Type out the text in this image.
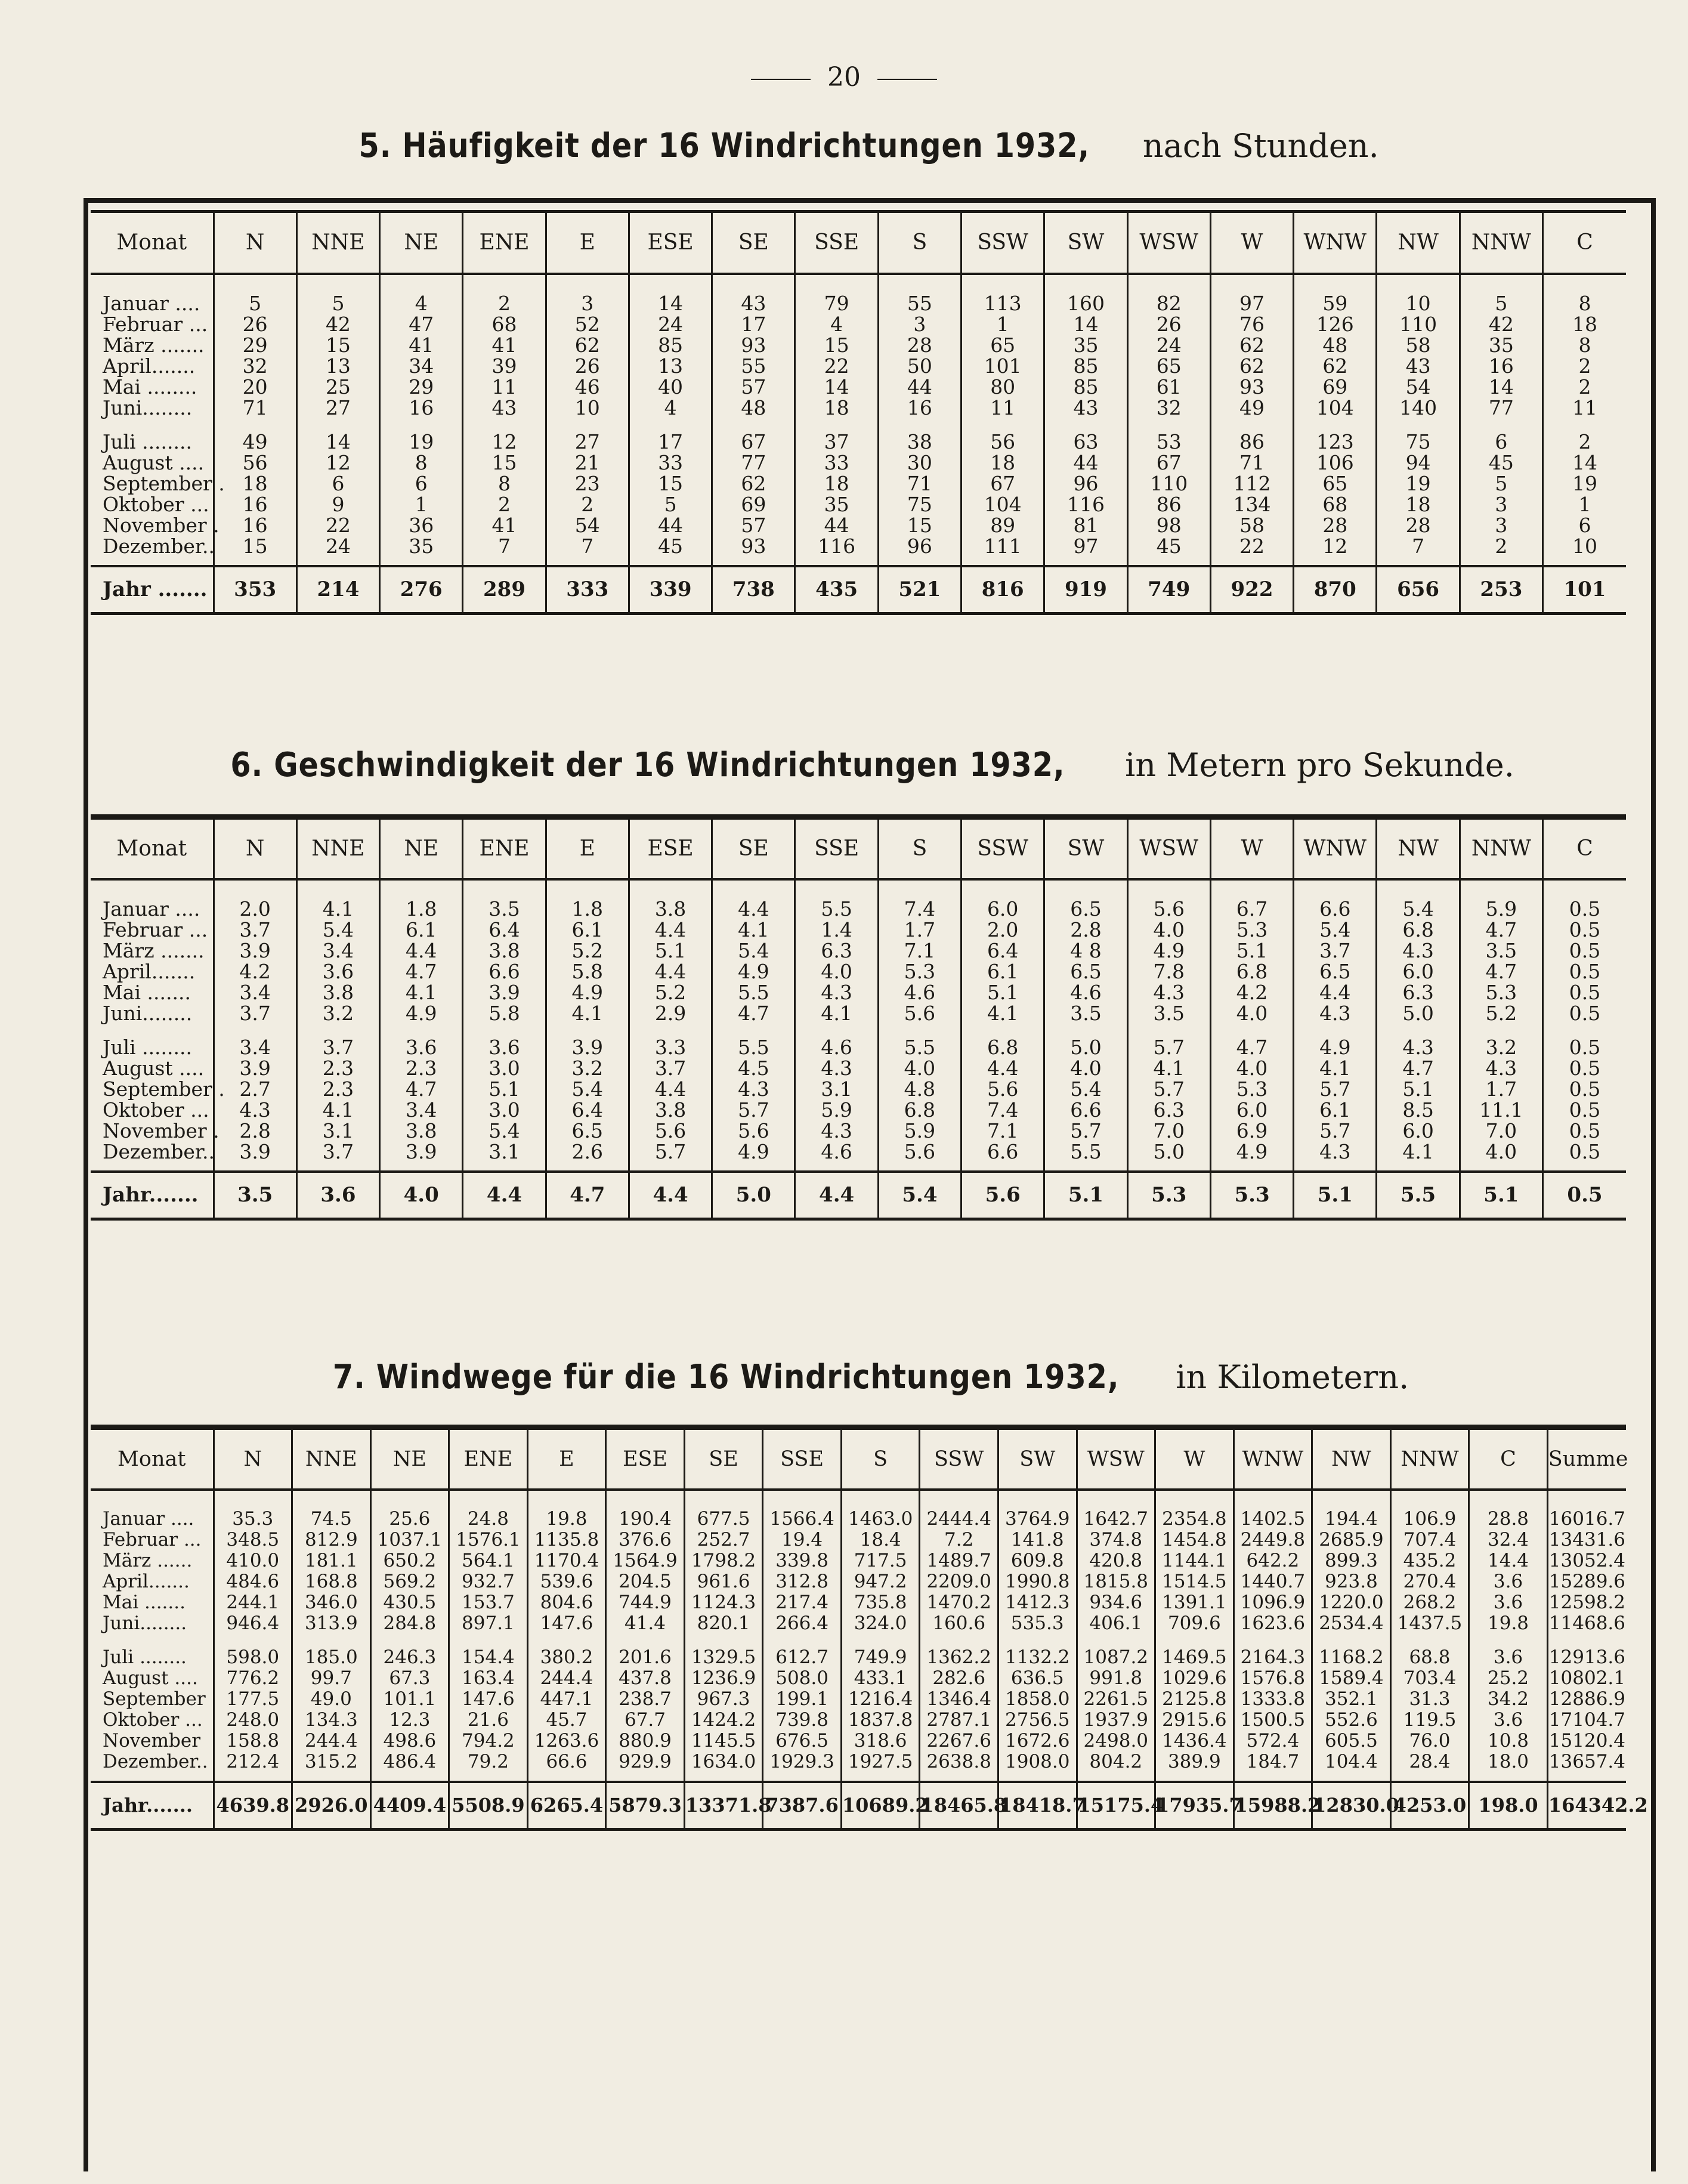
20
5. Häufigkeit der 16 Windrichtungen 1932, nach Stunden.
Monat	N	NNE	NE	ENE	E	ESE	SE	SSE	S	SSW	SW	WSW	W	WNW	NW	NNW	C

Januar ....	5	5	4	2	3	14	43	79	55	113	160	82	97	59	10	5	8
Februar ...	26	42	47	68	52	24	17	4	3	1	14	26	76	126	110	42	18
März .......	29	15	41	41	62	85	93	15	28	65	35	24	62	48	58	35	8
April.......	32	13	34	39	26	13	55	22	50	101	85	65	62	62	43	16	2
Mai ........	20	25	29	11	46	40	57	14	44	80	85	61	93	69	54	14	2
Juni........	71	27	16	43	10	4	48	18	16	11	43	32	49	104	140	77	11

Juli ........	49	14	19	12	27	17	67	37	38	56	63	53	86	123	75	6	2
August ....	56	12	8	15	21	33	77	33	30	18	44	67	71	106	94	45	14
September .	18	6	6	8	23	15	62	18	71	67	96	110	112	65	19	5	19
Oktober ...	16	9	1	2	2	5	69	35	75	104	116	86	134	68	18	3	1
November .	16	22	36	41	54	44	57	44	15	89	81	98	58	28	28	3	6
Dezember..	15	24	35	7	7	45	93	116	96	111	97	45	22	12	7	2	10

Jahr .......	353	214	276	289	333	339	738	435	521	816	919	749	922	870	656	253	101
6. Geschwindigkeit der 16 Windrichtungen 1932, in Metern pro Sekunde.
Monat	N	NNE	NE	ENE	E	ESE	SE	SSE	S	SSW	SW	WSW	W	WNW	NW	NNW	C

Januar ....	2.0	4.1	1.8	3.5	1.8	3.8	4.4	5.5	7.4	6.0	6.5	5.6	6.7	6.6	5.4	5.9	0.5
Februar ...	3.7	5.4	6.1	6.4	6.1	4.4	4.1	1.4	1.7	2.0	2.8	4.0	5.3	5.4	6.8	4.7	0.5
März .......	3.9	3.4	4.4	3.8	5.2	5.1	5.4	6.3	7.1	6.4	4 8	4.9	5.1	3.7	4.3	3.5	0.5
April.......	4.2	3.6	4.7	6.6	5.8	4.4	4.9	4.0	5.3	6.1	6.5	7.8	6.8	6.5	6.0	4.7	0.5
Mai .......	3.4	3.8	4.1	3.9	4.9	5.2	5.5	4.3	4.6	5.1	4.6	4.3	4.2	4.4	6.3	5.3	0.5
Juni........	3.7	3.2	4.9	5.8	4.1	2.9	4.7	4.1	5.6	4.1	3.5	3.5	4.0	4.3	5.0	5.2	0.5

Juli ........	3.4	3.7	3.6	3.6	3.9	3.3	5.5	4.6	5.5	6.8	5.0	5.7	4.7	4.9	4.3	3.2	0.5
August ....	3.9	2.3	2.3	3.0	3.2	3.7	4.5	4.3	4.0	4.4	4.0	4.1	4.0	4.1	4.7	4.3	0.5
September .	2.7	2.3	4.7	5.1	5.4	4.4	4.3	3.1	4.8	5.6	5.4	5.7	5.3	5.7	5.1	1.7	0.5
Oktober ...	4.3	4.1	3.4	3.0	6.4	3.8	5.7	5.9	6.8	7.4	6.6	6.3	6.0	6.1	8.5	11.1	0.5
November .	2.8	3.1	3.8	5.4	6.5	5.6	5.6	4.3	5.9	7.1	5.7	7.0	6.9	5.7	6.0	7.0	0.5
Dezember..	3.9	3.7	3.9	3.1	2.6	5.7	4.9	4.6	5.6	6.6	5.5	5.0	4.9	4.3	4.1	4.0	0.5

Jahr.......	3.5	3.6	4.0	4.4	4.7	4.4	5.0	4.4	5.4	5.6	5.1	5.3	5.3	5.1	5.5	5.1	0.5
7. Windwege für die 16 Windrichtungen 1932, in Kilometern.
Monat	N	NNE	NE	ENE	E	ESE	SE	SSE	S	SSW	SW	WSW	W	WNW	NW	NNW	C	Summe

Januar ....	35.3	74.5	25.6	24.8	19.8	190.4	677.5	1566.4	1463.0	2444.4	3764.9	1642.7	2354.8	1402.5	194.4	106.9	28.8	16016.7
Februar ...	348.5	812.9	1037.1	1576.1	1135.8	376.6	252.7	19.4	18.4	7.2	141.8	374.8	1454.8	2449.8	2685.9	707.4	32.4	13431.6
März ......	410.0	181.1	650.2	564.1	1170.4	1564.9	1798.2	339.8	717.5	1489.7	609.8	420.8	1144.1	642.2	899.3	435.2	14.4	13052.4
April.......	484.6	168.8	569.2	932.7	539.6	204.5	961.6	312.8	947.2	2209.0	1990.8	1815.8	1514.5	1440.7	923.8	270.4	3.6	15289.6
Mai .......	244.1	346.0	430.5	153.7	804.6	744.9	1124.3	217.4	735.8	1470.2	1412.3	934.6	1391.1	1096.9	1220.0	268.2	3.6	12598.2
Juni........	946.4	313.9	284.8	897.1	147.6	41.4	820.1	266.4	324.0	160.6	535.3	406.1	709.6	1623.6	2534.4	1437.5	19.8	11468.6

Juli ........	598.0	185.0	246.3	154.4	380.2	201.6	1329.5	612.7	749.9	1362.2	1132.2	1087.2	1469.5	2164.3	1168.2	68.8	3.6	12913.6
August ....	776.2	99.7	67.3	163.4	244.4	437.8	1236.9	508.0	433.1	282.6	636.5	991.8	1029.6	1576.8	1589.4	703.4	25.2	10802.1
September	177.5	49.0	101.1	147.6	447.1	238.7	967.3	199.1	1216.4	1346.4	1858.0	2261.5	2125.8	1333.8	352.1	31.3	34.2	12886.9
Oktober ...	248.0	134.3	12.3	21.6	45.7	67.7	1424.2	739.8	1837.8	2787.1	2756.5	1937.9	2915.6	1500.5	552.6	119.5	3.6	17104.7
November	158.8	244.4	498.6	794.2	1263.6	880.9	1145.5	676.5	318.6	2267.6	1672.6	2498.0	1436.4	572.4	605.5	76.0	10.8	15120.4
Dezember..	212.4	315.2	486.4	79.2	66.6	929.9	1634.0	1929.3	1927.5	2638.8	1908.0	804.2	389.9	184.7	104.4	28.4	18.0	13657.4

Jahr.......	4639.8	2926.0	4409.4	5508.9	6265.4	5879.3	13371.8	7387.6	10689.2	18465.8	18418.7	15175.4	17935.7	15988.2	12830.0	4253.0	198.0	164342.2
